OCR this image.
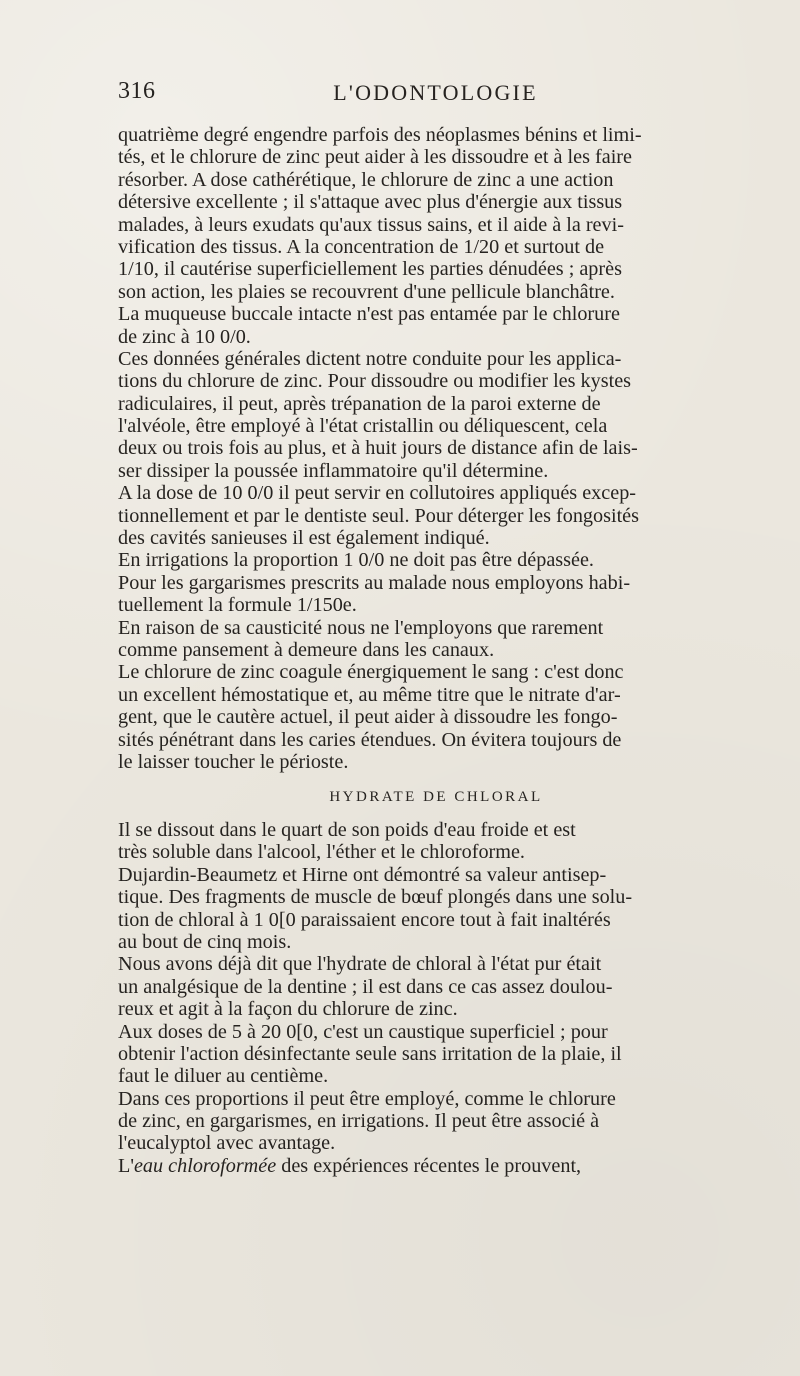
316	L'ODONTOLOGIE
quatrième degré engendre parfois des néoplasmes bénins et limi-
tés, et le chlorure de zinc peut aider à les dissoudre et à les faire
résorber. A dose cathérétique, le chlorure de zinc a une action
détersive excellente ; il s'attaque avec plus d'énergie aux tissus
malades, à leurs exudats qu'aux tissus sains, et il aide à la revi-
vification des tissus. A la concentration de 1/20 et surtout de
1/10, il cautérise superficiellement les parties dénudées ; après
son action, les plaies se recouvrent d'une pellicule blanchâtre.
La muqueuse buccale intacte n'est pas entamée par le chlorure
de zinc à 10 0/0.
Ces données générales dictent notre conduite pour les applica-
tions du chlorure de zinc. Pour dissoudre ou modifier les kystes
radiculaires, il peut, après trépanation de la paroi externe de
l'alvéole, être employé à l'état cristallin ou déliquescent, cela
deux ou trois fois au plus, et à huit jours de distance afin de lais-
ser dissiper la poussée inflammatoire qu'il détermine.
A la dose de 10 0/0 il peut servir en collutoires appliqués excep-
tionnellement et par le dentiste seul. Pour déterger les fongosités
des cavités sanieuses il est également indiqué.
En irrigations la proportion 1 0/0 ne doit pas être dépassée.
Pour les gargarismes prescrits au malade nous employons habi-
tuellement la formule 1/150e.
En raison de sa causticité nous ne l'employons que rarement
comme pansement à demeure dans les canaux.
Le chlorure de zinc coagule énergiquement le sang : c'est donc
un excellent hémostatique et, au même titre que le nitrate d'ar-
gent, que le cautère actuel, il peut aider à dissoudre les fongo-
sités pénétrant dans les caries étendues. On évitera toujours de
le laisser toucher le périoste.
HYDRATE DE CHLORAL
Il se dissout dans le quart de son poids d'eau froide et est
très soluble dans l'alcool, l'éther et le chloroforme.
Dujardin-Beaumetz et Hirne ont démontré sa valeur antisep-
tique. Des fragments de muscle de bœuf plongés dans une solu-
tion de chloral à 1 0[0 paraissaient encore tout à fait inaltérés
au bout de cinq mois.
Nous avons déjà dit que l'hydrate de chloral à l'état pur était
un analgésique de la dentine ; il est dans ce cas assez doulou-
reux et agit à la façon du chlorure de zinc.
Aux doses de 5 à 20 0[0, c'est un caustique superficiel ; pour
obtenir l'action désinfectante seule sans irritation de la plaie, il
faut le diluer au centième.
Dans ces proportions il peut être employé, comme le chlorure
de zinc, en gargarismes, en irrigations. Il peut être associé à
l'eucalyptol avec avantage.
L'eau chloroformée des expériences récentes le prouvent,
